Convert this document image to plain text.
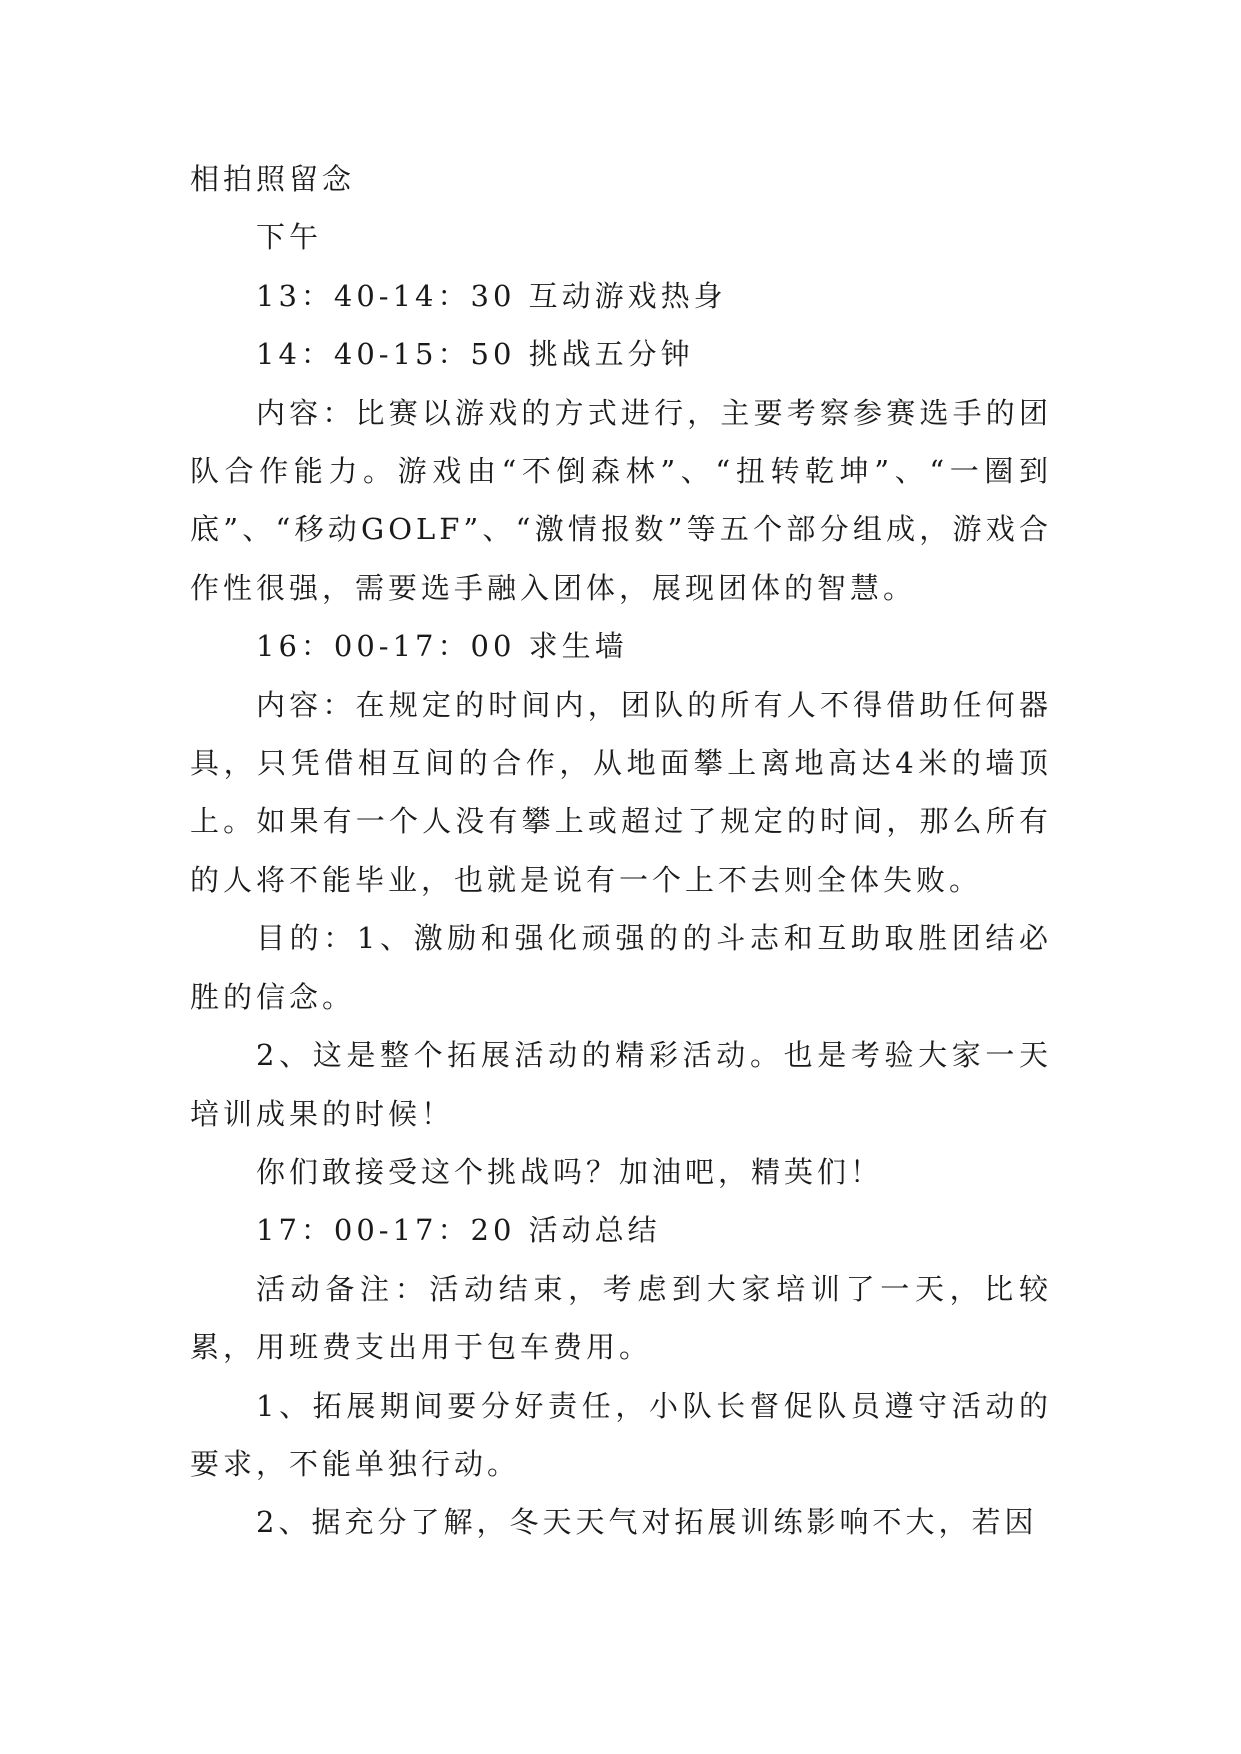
相拍照留念

下午

13：40-14：30 互动游戏热身

14：40-15：50 挑战五分钟

内容：比赛以游戏的方式进行，主要考察参赛选手的团队合作能力。游戏由“不倒森林”、“扭转乾坤”、“一圈到底”、“移动GOLF”、“激情报数”等五个部分组成，游戏合作性很强，需要选手融入团体，展现团体的智慧。

16：00-17：00 求生墙

内容：在规定的时间内，团队的所有人不得借助任何器具，只凭借相互间的合作，从地面攀上离地高达4米的墙顶上。如果有一个人没有攀上或超过了规定的时间，那么所有的人将不能毕业，也就是说有一个上不去则全体失败。

目的：1、激励和强化顽强的的斗志和互助取胜团结必胜的信念。

2、这是整个拓展活动的精彩活动。也是考验大家一天培训成果的时候！

你们敢接受这个挑战吗？加油吧，精英们！

17：00-17：20 活动总结

活动备注：活动结束，考虑到大家培训了一天，比较累，用班费支出用于包车费用。

1、拓展期间要分好责任，小队长督促队员遵守活动的要求，不能单独行动。

2、据充分了解，冬天天气对拓展训练影响不大，若因
